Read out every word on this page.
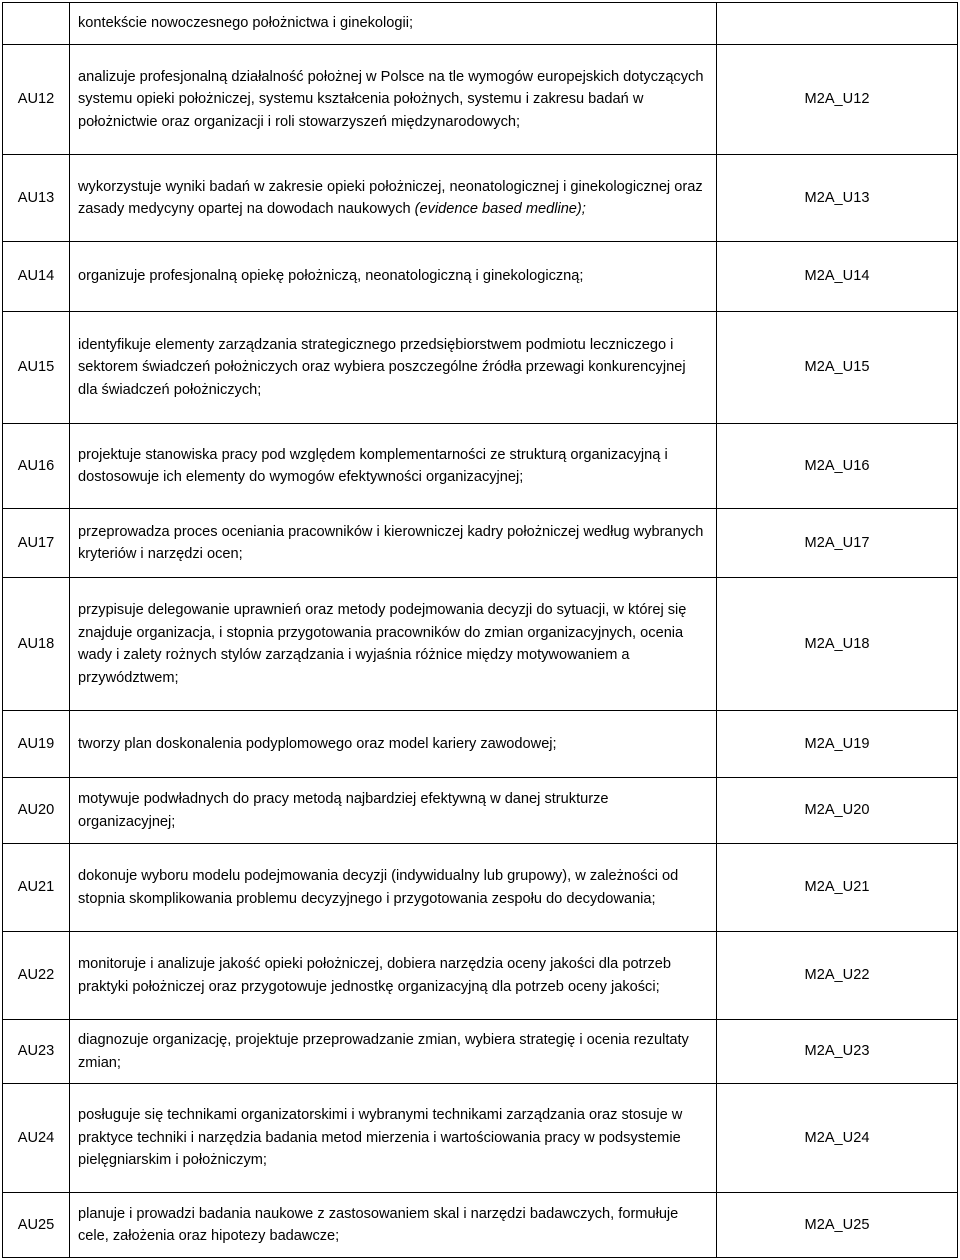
	kontekście nowoczesnego położnictwa i ginekologii;	
AU12	analizuje profesjonalną działalność położnej w Polsce na tle wymogów europejskich dotyczących systemu opieki położniczej, systemu kształcenia położnych, systemu i zakresu badań w położnictwie oraz organizacji i roli stowarzyszeń międzynarodowych;	M2A_U12
AU13	wykorzystuje wyniki badań w zakresie opieki położniczej, neonatologicznej i ginekologicznej oraz zasady medycyny opartej na dowodach naukowych (evidence based medline);	M2A_U13
AU14	organizuje profesjonalną opiekę położniczą, neonatologiczną i ginekologiczną;	M2A_U14
AU15	identyfikuje elementy zarządzania strategicznego przedsiębiorstwem podmiotu leczniczego i sektorem świadczeń położniczych oraz wybiera poszczególne źródła przewagi konkurencyjnej dla świadczeń położniczych;	M2A_U15
AU16	projektuje stanowiska pracy pod względem komplementarności ze strukturą organizacyjną i dostosowuje ich elementy do wymogów efektywności organizacyjnej;	M2A_U16
AU17	przeprowadza proces oceniania pracowników i kierowniczej kadry położniczej według wybranych kryteriów i narzędzi ocen;	M2A_U17
AU18	przypisuje delegowanie uprawnień oraz metody podejmowania decyzji do sytuacji, w której się znajduje organizacja, i stopnia przygotowania pracowników do zmian organizacyjnych, ocenia wady i zalety rożnych stylów zarządzania i wyjaśnia różnice między motywowaniem a przywództwem;	M2A_U18
AU19	tworzy plan doskonalenia podyplomowego oraz model kariery zawodowej;	M2A_U19
AU20	motywuje podwładnych do pracy metodą najbardziej efektywną w danej strukturze organizacyjnej;	M2A_U20
AU21	dokonuje wyboru modelu podejmowania decyzji (indywidualny lub grupowy), w zależności od stopnia skomplikowania problemu decyzyjnego i przygotowania zespołu do decydowania;	M2A_U21
AU22	monitoruje i analizuje jakość opieki położniczej, dobiera narzędzia oceny jakości dla potrzeb praktyki położniczej oraz przygotowuje jednostkę organizacyjną dla potrzeb oceny jakości;	M2A_U22
AU23	diagnozuje organizację, projektuje przeprowadzanie zmian, wybiera strategię i ocenia rezultaty zmian;	M2A_U23
AU24	posługuje się technikami organizatorskimi i wybranymi technikami zarządzania oraz stosuje w praktyce techniki i narzędzia badania metod mierzenia i wartościowania pracy w podsystemie pielęgniarskim i położniczym;	M2A_U24
AU25	planuje i prowadzi badania naukowe z zastosowaniem skal i narzędzi badawczych, formułuje cele, założenia oraz hipotezy badawcze;	M2A_U25
